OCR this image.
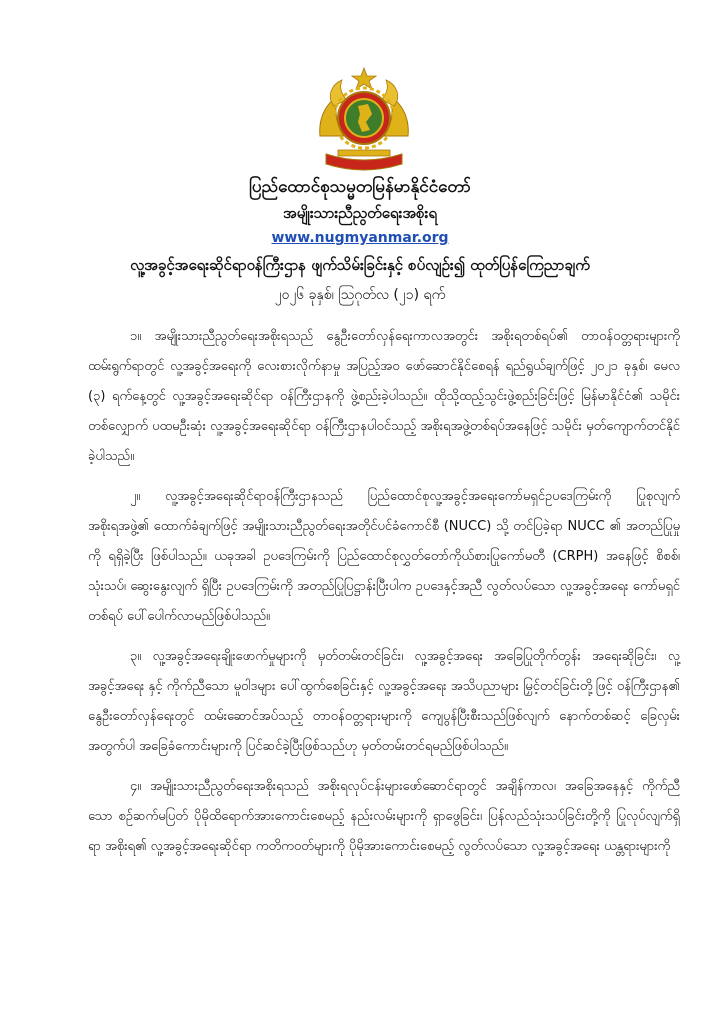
ပြည်ထောင်စုသမ္မတမြန်မာနိုင်ငံတော်
အမျိုးသားညီညွတ်ရေးအစိုးရ
www.nugmyanmar.org
လူ့အခွင့်အရေးဆိုင်ရာဝန်ကြီးဌာန ဖျက်သိမ်းခြင်းနှင့် စပ်လျဉ်း၍ ထုတ်ပြန်ကြေညာချက်
၂၀၂၆ ခုနှစ်၊ ဩဂုတ်လ (၂၁) ရက်

၁။ အမျိုးသားညီညွတ်ရေးအစိုးရသည် နွေဦးတော်လှန်ရေးကာလအတွင်း အစိုးရတစ်ရပ်၏ တာဝန်ဝတ္တရားများကို ထမ်းရွက်ရာတွင် လူ့အခွင့်အရေးကို လေးစားလိုက်နာမှု အပြည့်အဝ ဖော်ဆောင်နိုင်စေရန် ရည်ရွယ်ချက်ဖြင့် ၂၀၂၁ ခုနှစ်၊ မေလ (၃) ရက်နေ့တွင် လူ့အခွင့်အရေးဆိုင်ရာ ဝန်ကြီးဌာနကို ဖွဲ့စည်းခဲ့ပါသည်။ ထိုသို့ထည့်သွင်းဖွဲ့စည်းခြင်းဖြင့် မြန်မာနိုင်ငံ၏ သမိုင်းတစ်လျှောက် ပထမဦးဆုံး လူ့အခွင့်အရေးဆိုင်ရာ ဝန်ကြီးဌာနပါဝင်သည့် အစိုးရအဖွဲ့တစ်ရပ်အနေဖြင့် သမိုင်း မှတ်ကျောက်တင်နိုင်ခဲ့ပါသည်။

၂။ လူ့အခွင့်အရေးဆိုင်ရာဝန်ကြီးဌာနသည် ပြည်ထောင်စုလူ့အခွင့်အရေးကော်မရှင်ဥပဒေကြမ်းကို ပြုစုလျက် အစိုးရအဖွဲ့၏ ထောက်ခံချက်ဖြင့် အမျိုးသားညီညွတ်ရေးအတိုင်ပင်ခံကောင်စီ (NUCC) သို့ တင်ပြခဲ့ရာ NUCC ၏ အတည်ပြုမှုကို ရရှိခဲ့ပြီး ဖြစ်ပါသည်။ ယခုအခါ ဥပဒေကြမ်းကို ပြည်ထောင်စုလွှတ်တော်ကိုယ်စားပြုကော်မတီ (CRPH) အနေဖြင့် စိစစ်၊ သုံးသပ်၊ ဆွေးနွေးလျက် ရှိပြီး ဥပဒေကြမ်းကို အတည်ပြုပြဋ္ဌာန်းပြီးပါက ဥပဒေနှင့်အညီ လွတ်လပ်သော လူ့အခွင့်အရေး ကော်မရှင်တစ်ရပ် ပေါ်ပေါက်လာမည်ဖြစ်ပါသည်။

၃။ လူ့အခွင့်အရေးချိုးဖောက်မှုများကို မှတ်တမ်းတင်ခြင်း၊ လူ့အခွင့်အရေး အခြေပြုတိုက်တွန်း အရေးဆိုခြင်း၊ လူ့အခွင့်အရေး နှင့် ကိုက်ညီသော မူဝါဒများ ပေါ်ထွက်စေခြင်းနှင့် လူ့အခွင့်အရေး အသိပညာများ မြှင့်တင်ခြင်းတို့ဖြင့် ဝန်ကြီးဌာန၏ နွေဦးတော်လှန်ရေးတွင် ထမ်းဆောင်အပ်သည့် တာဝန်ဝတ္တရားများကို ကျေပွန်ပြီးစီးသည်ဖြစ်လျက် နောက်တစ်ဆင့် ခြေလှမ်းအတွက်ပါ အခြေခံကောင်းများကို ပြင်ဆင်ခဲ့ပြီးဖြစ်သည်ဟု မှတ်တမ်းတင်ရမည်ဖြစ်ပါသည်။

၄။ အမျိုးသားညီညွတ်ရေးအစိုးရသည် အစိုးရလုပ်ငန်းများဖော်ဆောင်ရာတွင် အချိန်ကာလ၊ အခြေအနေနှင့် ကိုက်ညီသော စဉ်ဆက်မပြတ် ပိုမိုထိရောက်အားကောင်းစေမည့် နည်းလမ်းများကို ရှာဖွေခြင်း၊ ပြန်လည်သုံးသပ်ခြင်းတို့ကို ပြုလုပ်လျက်ရှိရာ အစိုးရ၏ လူ့အခွင့်အရေးဆိုင်ရာ ကတိကဝတ်များကို ပိုမိုအားကောင်းစေမည့် လွတ်လပ်သော လူ့အခွင့်အရေး ယန္တရားများကို
